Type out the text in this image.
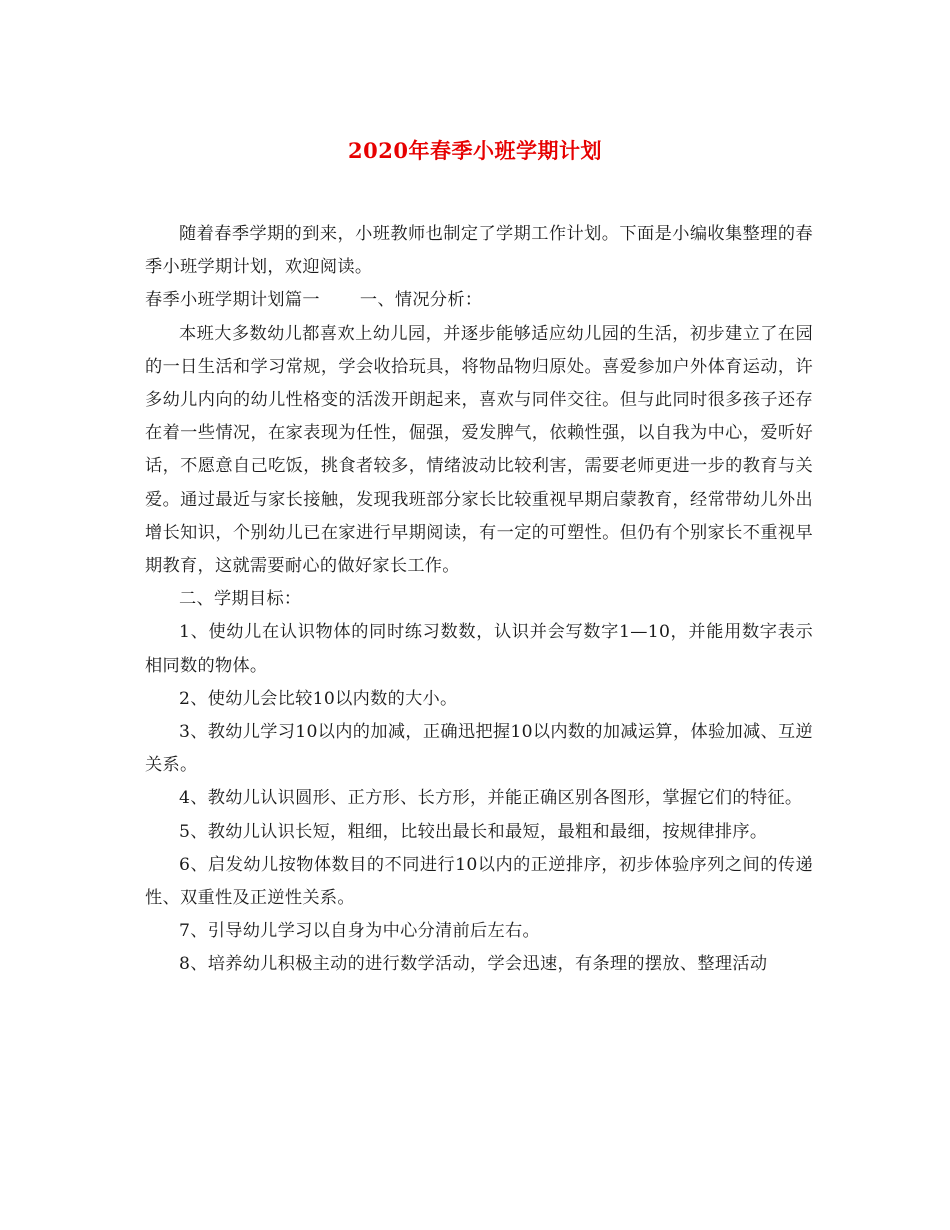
2020年春季小班学期计划

随着春季学期的到来，小班教师也制定了学期工作计划。下面是小编收集整理的春季小班学期计划，欢迎阅读。

春季小班学期计划篇一 一、情况分析：

本班大多数幼儿都喜欢上幼儿园，并逐步能够适应幼儿园的生活，初步建立了在园的一日生活和学习常规，学会收拾玩具，将物品物归原处。喜爱参加户外体育运动，许多幼儿内向的幼儿性格变的活泼开朗起来，喜欢与同伴交往。但与此同时很多孩子还存在着一些情况，在家表现为任性，倔强，爱发脾气，依赖性强，以自我为中心，爱听好话，不愿意自己吃饭，挑食者较多，情绪波动比较利害，需要老师更进一步的教育与关爱。通过最近与家长接触，发现我班部分家长比较重视早期启蒙教育，经常带幼儿外出增长知识，个别幼儿已在家进行早期阅读，有一定的可塑性。但仍有个别家长不重视早期教育，这就需要耐心的做好家长工作。

二、学期目标：

1、使幼儿在认识物体的同时练习数数，认识并会写数字1—10，并能用数字表示相同数的物体。

2、使幼儿会比较10以内数的大小。

3、教幼儿学习10以内的加减，正确迅把握10以内数的加减运算，体验加减、互逆关系。

4、教幼儿认识圆形、正方形、长方形，并能正确区别各图形，掌握它们的特征。

5、教幼儿认识长短，粗细，比较出最长和最短，最粗和最细，按规律排序。

6、启发幼儿按物体数目的不同进行10以内的正逆排序，初步体验序列之间的传递性、双重性及正逆性关系。

7、引导幼儿学习以自身为中心分清前后左右。

8、培养幼儿积极主动的进行数学活动，学会迅速，有条理的摆放、整理活动
